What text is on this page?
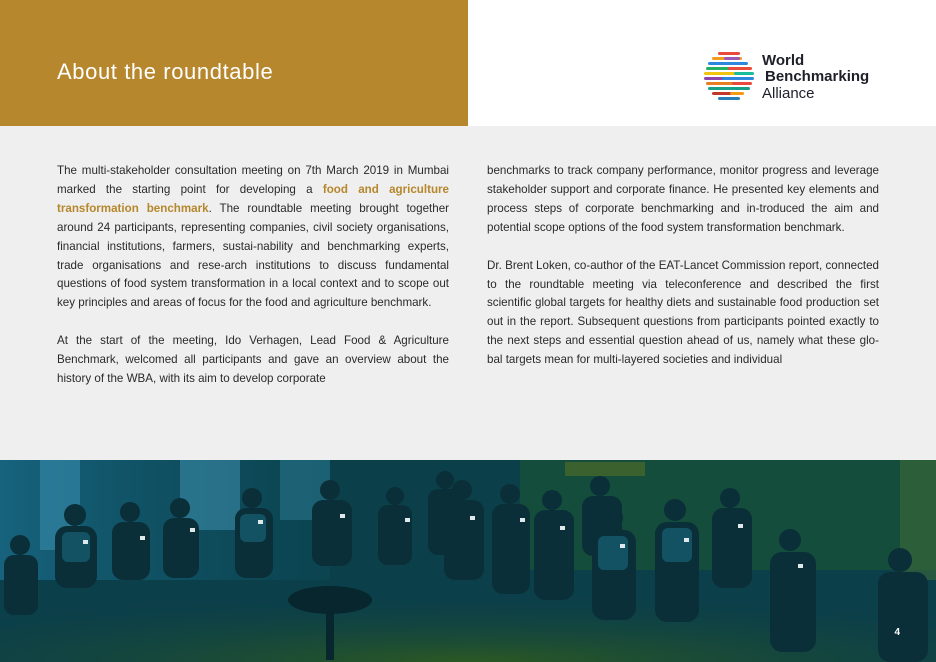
About the roundtable	World
Benchmarking
Alliance

The multi-stakeholder consultation meeting on 7th March 2019 in Mumbai marked the starting point for developing a food and agriculture transformation benchmark. The roundtable meeting brought together around 24 participants, representing companies, civil society organisations, financial institutions, farmers, sustai-nability and benchmarking experts, trade organisations and rese-arch institutions to discuss fundamental questions of food system transformation in a local context and to scope out key principles and areas of focus for the food and agriculture benchmark.

At the start of the meeting, Ido Verhagen, Lead Food & Agriculture Benchmark, welcomed all participants and gave an overview about the history of the WBA, with its aim to develop corporate

benchmarks to track company performance, monitor progress and leverage stakeholder support and corporate finance. He presented key elements and process steps of corporate benchmarking and in-troduced the aim and potential scope options of the food system transformation benchmark.

Dr. Brent Loken, co-author of the EAT-Lancet Commission report, connected to the roundtable meeting via teleconference and described the first scientific global targets for healthy diets and sustainable food production set out in the report. Subsequent questions from participants pointed exactly to the next steps and essential question ahead of us, namely what these glo-bal targets mean for multi-layered societies and individual

4
